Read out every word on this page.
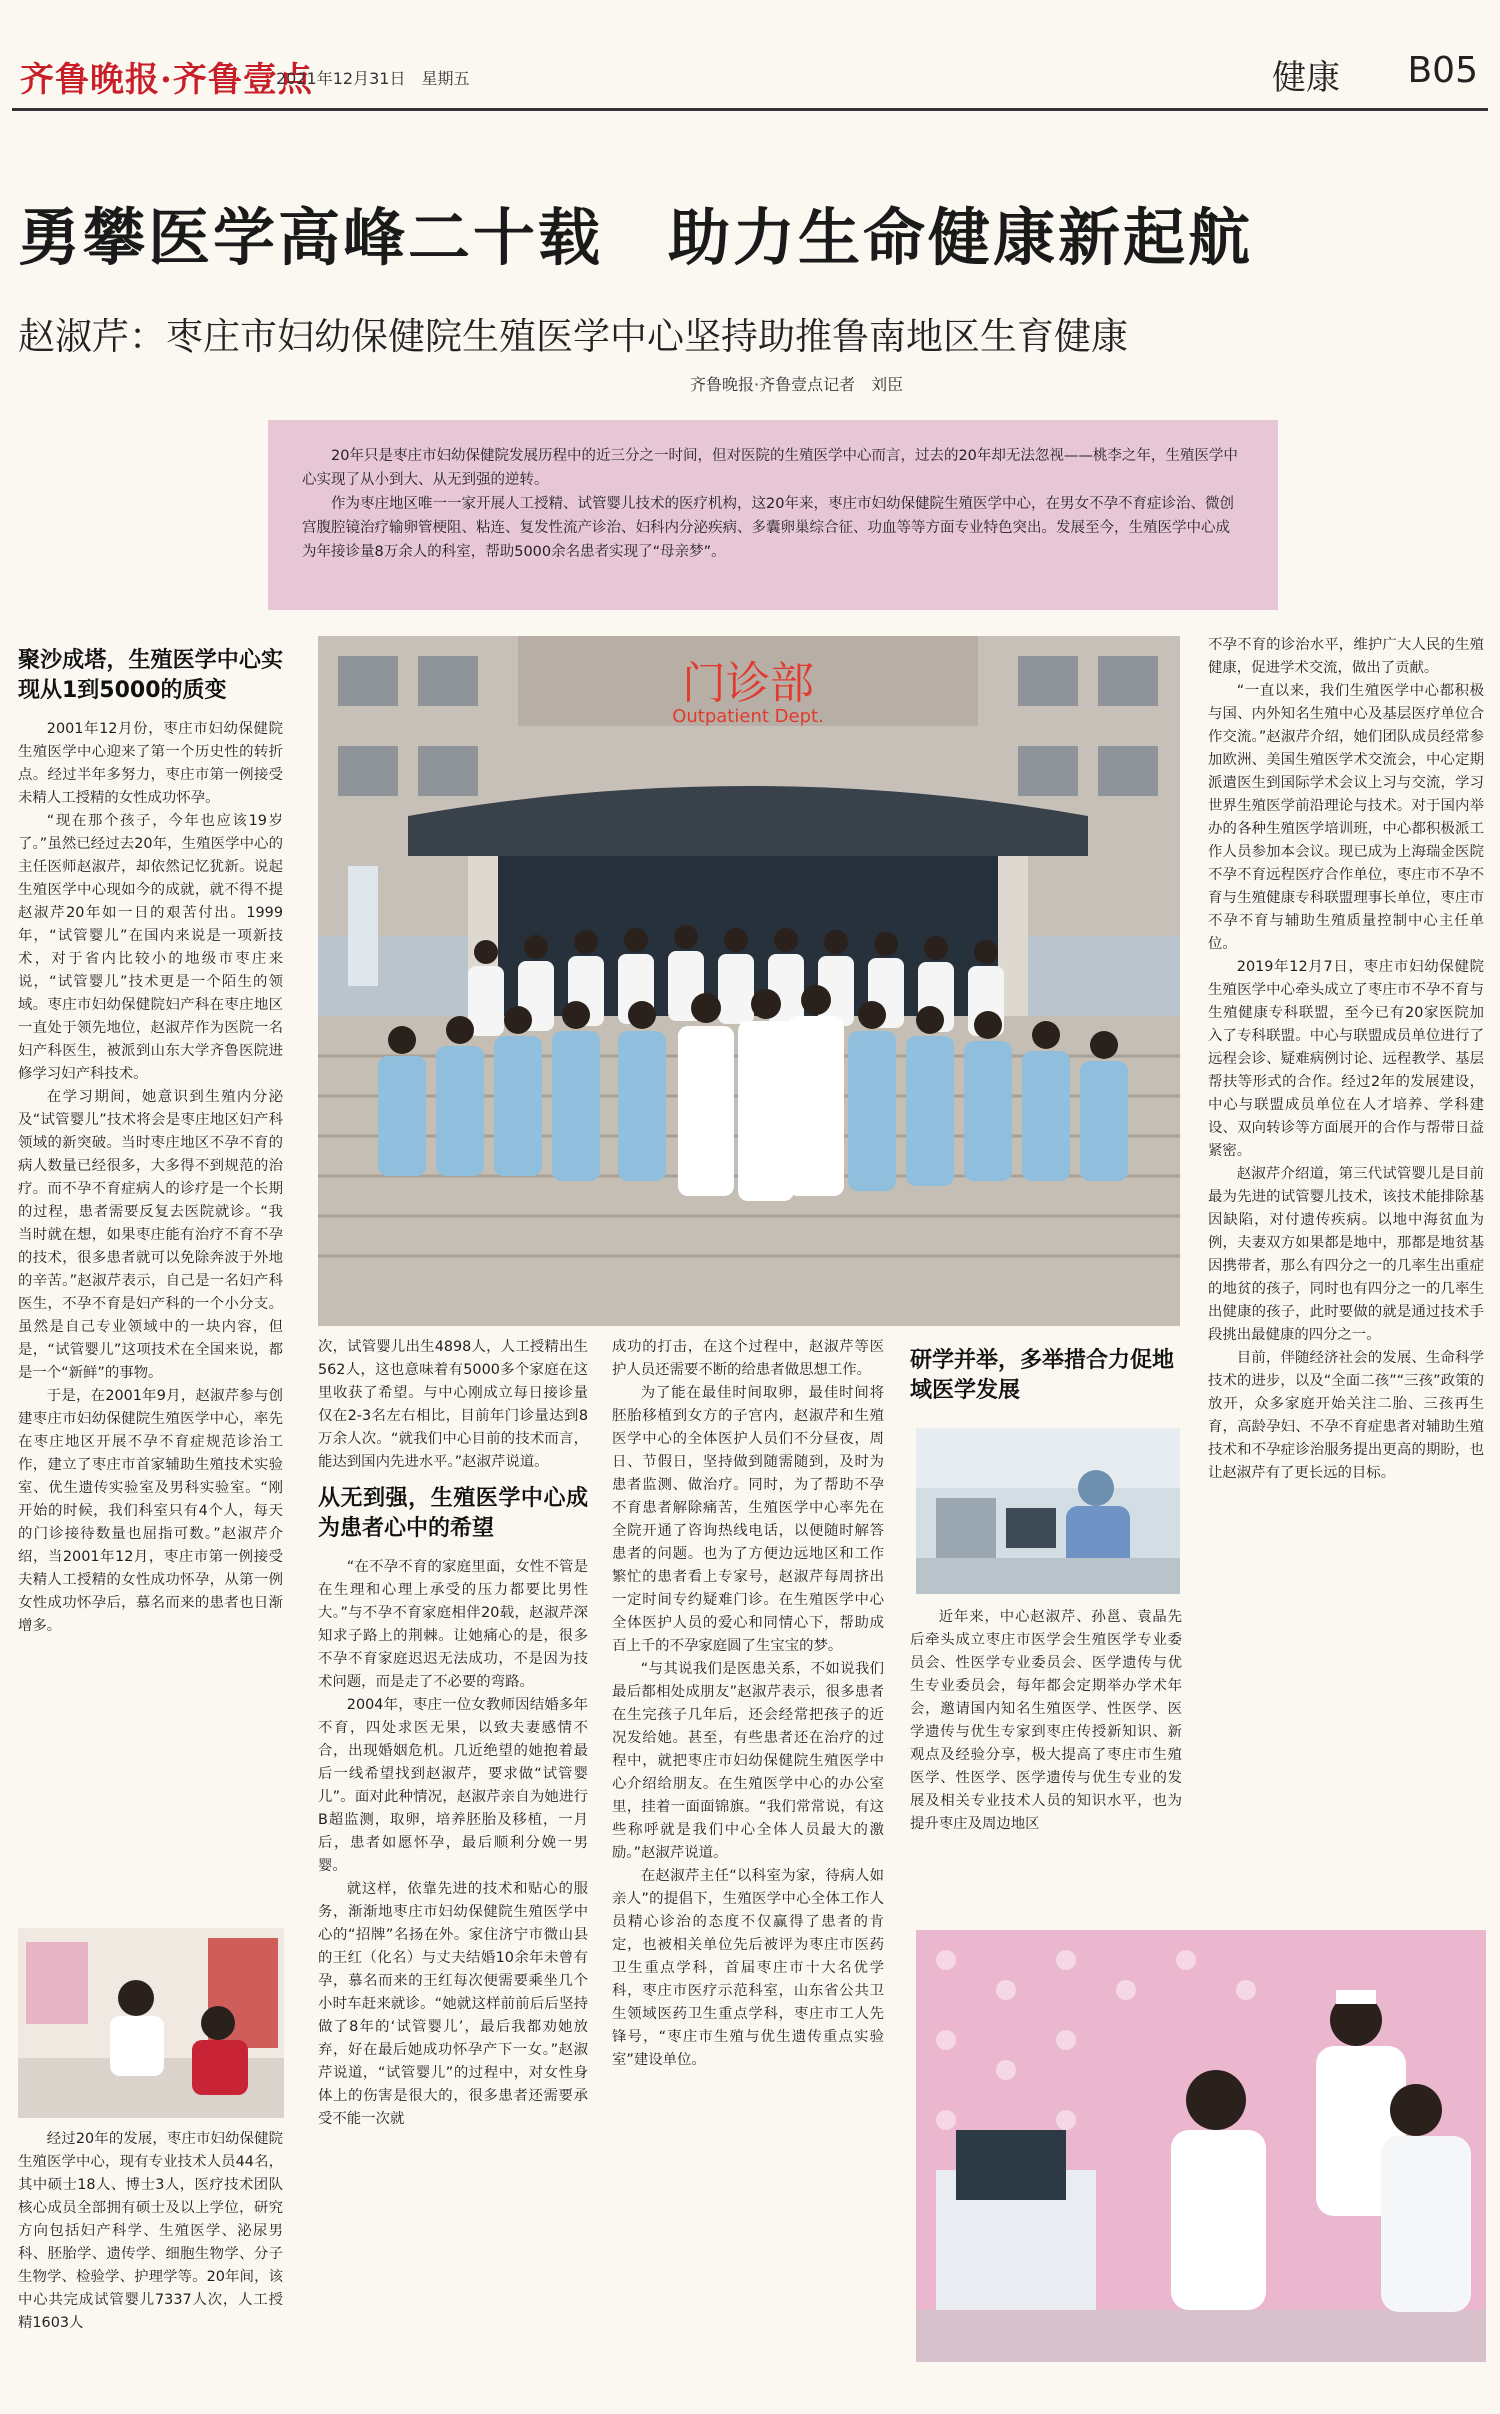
齐鲁晚报·齐鲁壹点
2021年12月31日　星期五	健康 B05
勇攀医学高峰二十载　助力生命健康新起航
赵淑芹：枣庄市妇幼保健院生殖医学中心坚持助推鲁南地区生育健康
齐鲁晚报·齐鲁壹点记者　刘臣

20年只是枣庄市妇幼保健院发展历程中的近三分之一时间，但对医院的生殖医学中心而言，过去的20年却无法忽视——桃李之年，生殖医学中心实现了从小到大、从无到强的逆转。

作为枣庄地区唯一一家开展人工授精、试管婴儿技术的医疗机构，这20年来，枣庄市妇幼保健院生殖医学中心，在男女不孕不育症诊治、微创宫腹腔镜治疗输卵管梗阻、粘连、复发性流产诊治、妇科内分泌疾病、多囊卵巢综合征、功血等等方面专业特色突出。发展至今，生殖医学中心成为年接诊量8万余人的科室，帮助5000余名患者实现了“母亲梦”。

聚沙成塔，生殖医学中心实现从1到5000的质变

2001年12月份，枣庄市妇幼保健院生殖医学中心迎来了第一个历史性的转折点。经过半年多努力，枣庄市第一例接受未精人工授精的女性成功怀孕。

“现在那个孩子，今年也应该19岁了。”虽然已经过去20年，生殖医学中心的主任医师赵淑芹，却依然记忆犹新。说起生殖医学中心现如今的成就，就不得不提赵淑芹20年如一日的艰苦付出。1999年，“试管婴儿”在国内来说是一项新技术，对于省内比较小的地级市枣庄来说，“试管婴儿”技术更是一个陌生的领域。枣庄市妇幼保健院妇产科在枣庄地区一直处于领先地位，赵淑芹作为医院一名妇产科医生，被派到山东大学齐鲁医院进修学习妇产科技术。

在学习期间，她意识到生殖内分泌及“试管婴儿”技术将会是枣庄地区妇产科领域的新突破。当时枣庄地区不孕不育的病人数量已经很多，大多得不到规范的治疗。而不孕不育症病人的诊疗是一个长期的过程，患者需要反复去医院就诊。“我当时就在想，如果枣庄能有治疗不育不孕的技术，很多患者就可以免除奔波于外地的辛苦。”赵淑芹表示，自己是一名妇产科医生，不孕不育是妇产科的一个小分支。虽然是自己专业领域中的一块内容，但是，“试管婴儿”这项技术在全国来说，都是一个“新鲜”的事物。

于是，在2001年9月，赵淑芹参与创建枣庄市妇幼保健院生殖医学中心，率先在枣庄地区开展不孕不育症规范诊治工作，建立了枣庄市首家辅助生殖技术实验室、优生遗传实验室及男科实验室。“刚开始的时候，我们科室只有4个人，每天的门诊接待数量也屈指可数。”赵淑芹介绍，当2001年12月，枣庄市第一例接受夫精人工授精的女性成功怀孕，从第一例女性成功怀孕后，慕名而来的患者也日渐增多。

经过20年的发展，枣庄市妇幼保健院生殖医学中心，现有专业技术人员44名，其中硕士18人、博士3人，医疗技术团队核心成员全部拥有硕士及以上学位，研究方向包括妇产科学、生殖医学、泌尿男科、胚胎学、遗传学、细胞生物学、分子生物学、检验学、护理学等。20年间，该中心共完成试管婴儿7337人次，人工授精1603人

门诊部
Outpatient Dept.

次，试管婴儿出生4898人，人工授精出生562人，这也意味着有5000多个家庭在这里收获了希望。与中心刚成立每日接诊量仅在2-3名左右相比，目前年门诊量达到8万余人次。“就我们中心目前的技术而言，能达到国内先进水平。”赵淑芹说道。

从无到强，生殖医学中心成为患者心中的希望

“在不孕不育的家庭里面，女性不管是在生理和心理上承受的压力都要比男性大。”与不孕不育家庭相伴20载，赵淑芹深知求子路上的荆棘。让她痛心的是，很多不孕不育家庭迟迟无法成功，不是因为技术问题，而是走了不必要的弯路。

2004年，枣庄一位女教师因结婚多年不育，四处求医无果，以致夫妻感情不合，出现婚姻危机。几近绝望的她抱着最后一线希望找到赵淑芹，要求做“试管婴儿”。面对此种情况，赵淑芹亲自为她进行B超监测，取卵，培养胚胎及移植，一月后，患者如愿怀孕，最后顺利分娩一男婴。

就这样，依靠先进的技术和贴心的服务，渐渐地枣庄市妇幼保健院生殖医学中心的“招牌”名扬在外。家住济宁市微山县的王红（化名）与丈夫结婚10余年未曾有孕，慕名而来的王红每次便需要乘坐几个小时车赶来就诊。“她就这样前前后后坚持做了8年的‘试管婴儿’，最后我都劝她放弃，好在最后她成功怀孕产下一女。”赵淑芹说道，“试管婴儿”的过程中，对女性身体上的伤害是很大的，很多患者还需要承受不能一次就

成功的打击，在这个过程中，赵淑芹等医护人员还需要不断的给患者做思想工作。

为了能在最佳时间取卵，最佳时间将胚胎移植到女方的子宫内，赵淑芹和生殖医学中心的全体医护人员们不分昼夜，周日、节假日，坚持做到随需随到，及时为患者监测、做治疗。同时，为了帮助不孕不育患者解除痛苦，生殖医学中心率先在全院开通了咨询热线电话，以便随时解答患者的问题。也为了方便边远地区和工作繁忙的患者看上专家号，赵淑芹每周挤出一定时间专约疑难门诊。在生殖医学中心全体医护人员的爱心和同情心下，帮助成百上千的不孕家庭圆了生宝宝的梦。

“与其说我们是医患关系，不如说我们最后都相处成朋友”赵淑芹表示，很多患者在生完孩子几年后，还会经常把孩子的近况发给她。甚至，有些患者还在治疗的过程中，就把枣庄市妇幼保健院生殖医学中心介绍给朋友。在生殖医学中心的办公室里，挂着一面面锦旗。“我们常常说，有这些称呼就是我们中心全体人员最大的激励。”赵淑芹说道。

在赵淑芹主任“以科室为家，待病人如亲人”的提倡下，生殖医学中心全体工作人员精心诊治的态度不仅赢得了患者的肯定，也被相关单位先后被评为枣庄市医药卫生重点学科，首届枣庄市十大名优学科，枣庄市医疗示范科室，山东省公共卫生领域医药卫生重点学科，枣庄市工人先锋号，“枣庄市生殖与优生遗传重点实验室”建设单位。

研学并举，多举措合力促地域医学发展

近年来，中心赵淑芹、孙邕、袁晶先后牵头成立枣庄市医学会生殖医学专业委员会、性医学专业委员会、医学遗传与优生专业委员会，每年都会定期举办学术年会，邀请国内知名生殖医学、性医学、医学遗传与优生专家到枣庄传授新知识、新观点及经验分享，极大提高了枣庄市生殖医学、性医学、医学遗传与优生专业的发展及相关专业技术人员的知识水平，也为提升枣庄及周边地区

不孕不育的诊治水平，维护广大人民的生殖健康，促进学术交流，做出了贡献。

“一直以来，我们生殖医学中心都积极与国、内外知名生殖中心及基层医疗单位合作交流。”赵淑芹介绍，她们团队成员经常参加欧洲、美国生殖医学术交流会，中心定期派遣医生到国际学术会议上习与交流，学习世界生殖医学前沿理论与技术。对于国内举办的各种生殖医学培训班，中心都积极派工作人员参加本会议。现已成为上海瑞金医院不孕不育远程医疗合作单位，枣庄市不孕不育与生殖健康专科联盟理事长单位，枣庄市不孕不育与辅助生殖质量控制中心主任单位。

2019年12月7日，枣庄市妇幼保健院生殖医学中心牵头成立了枣庄市不孕不育与生殖健康专科联盟，至今已有20家医院加入了专科联盟。中心与联盟成员单位进行了远程会诊、疑难病例讨论、远程教学、基层帮扶等形式的合作。经过2年的发展建设，中心与联盟成员单位在人才培养、学科建设、双向转诊等方面展开的合作与帮带日益紧密。

赵淑芹介绍道，第三代试管婴儿是目前最为先进的试管婴儿技术，该技术能排除基因缺陷，对付遗传疾病。以地中海贫血为例，夫妻双方如果都是地中，那都是地贫基因携带者，那么有四分之一的几率生出重症的地贫的孩子，同时也有四分之一的几率生出健康的孩子，此时要做的就是通过技术手段挑出最健康的四分之一。

目前，伴随经济社会的发展、生命科学技术的进步，以及“全面二孩”“三孩”政策的放开，众多家庭开始关注二胎、三孩再生育，高龄孕妇、不孕不育症患者对辅助生殖技术和不孕症诊治服务提出更高的期盼，也让赵淑芹有了更长远的目标。
